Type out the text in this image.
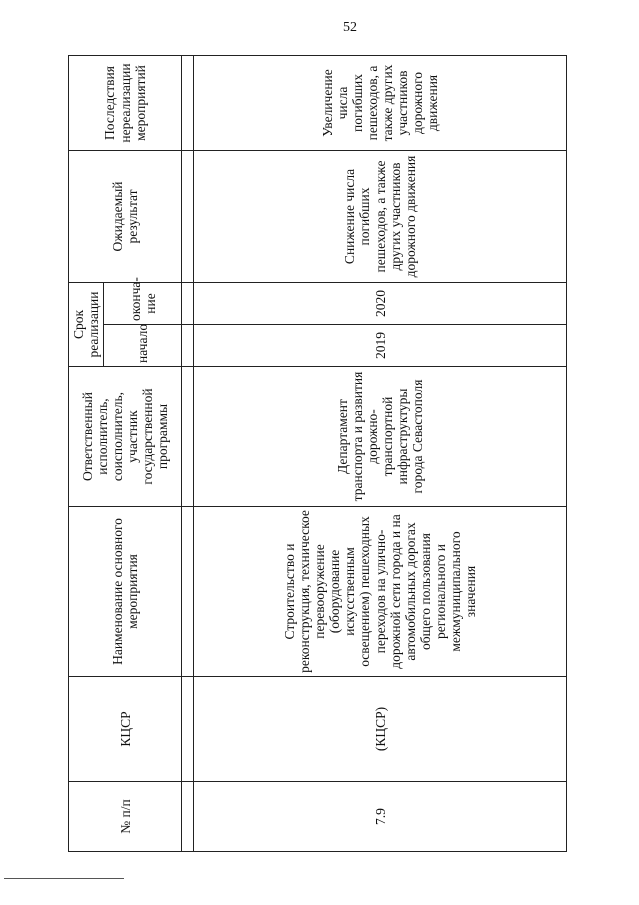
52
№ п/п	КЦСР	Наименование основного мероприятия	Ответственный исполнитель, соисполнитель, участник государственной программы	Срок реализации		Ожидаемый результат	Последствия нереализации мероприятий
				начало	оконча-ние		

7.9	(КЦСР)	Строительство и реконструкция, техническое перевооружение (оборудование искусственным освещением) пешеходных переходов на улично-дорожной сети города и на автомобильных дорогах общего пользования регионального и межмуниципального значения	Департамент транспорта и развития дорожно-транспортной инфраструктуры города Севастополя	2019	2020	Снижение числа погибших пешеходов, а также других участников дорожного движения	Увеличение числа погибших пешеходов, а также других участников дорожного движения
